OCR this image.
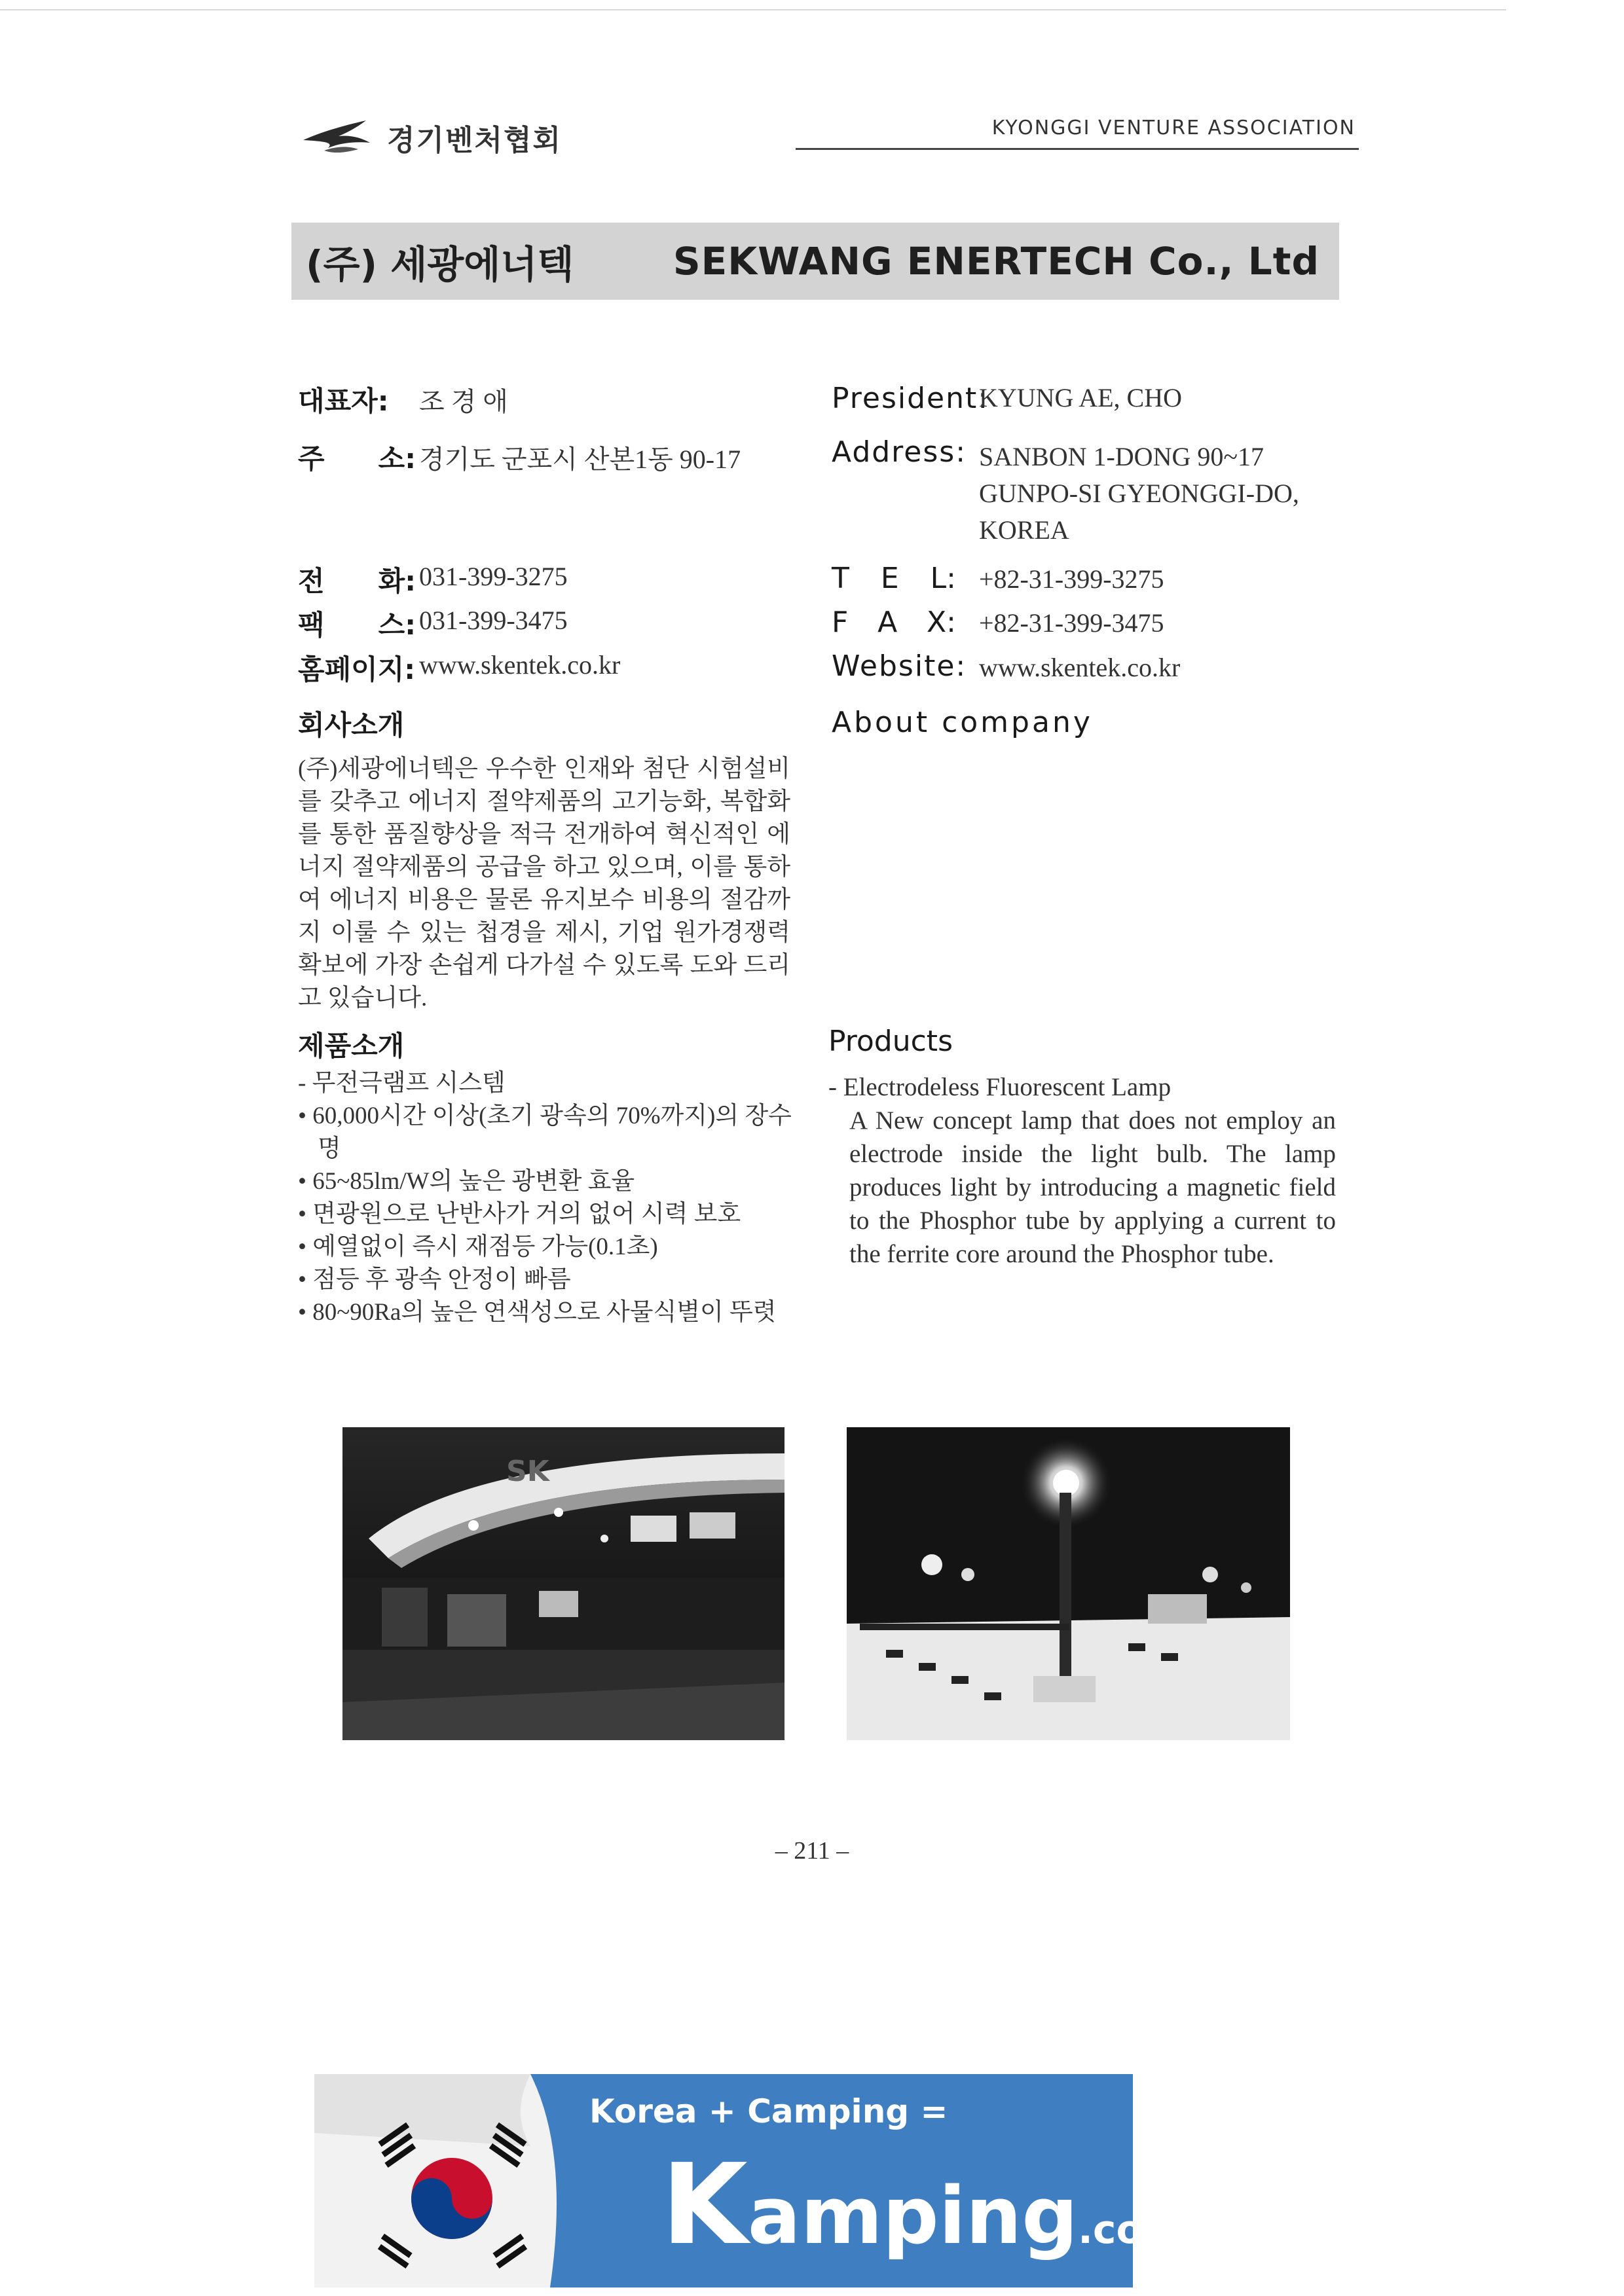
경기벤처협회	KYONGGI VENTURE ASSOCIATION
(주) 세광에너텍	SEKWANG ENERTECH Co., Ltd
대표자:	조 경 애
주　소: 경기도 군포시 산본1동 90-17
전　화: 031-399-3275
팩　스: 031-399-3475
홈페이지: www.skentek.co.kr
President:
KYUNG AE, CHO
Address: SANBON 1-DONG 90~17
GUNPO-SI GYEONGGI-DO,
KOREA
T E L: +82-31-399-3275
F A X: +82-31-399-3475
Website: www.skentek.co.kr
회사소개	About company
(주)세광에너텍은 우수한 인재와 첨단 시험설비를 갖추고 에너지 절약제품의 고기능화, 복합화를 통한 품질향상을 적극 전개하여 혁신적인 에너지 절약제품의 공급을 하고 있으며, 이를 통하여 에너지 비용은 물론 유지보수 비용의 절감까지 이룰 수 있는 첩경을 제시, 기업 원가경쟁력 확보에 가장 손쉽게 다가설 수 있도록 도와 드리고 있습니다.
제품소개	Products
- 무전극램프 시스템
• 60,000시간 이상(초기 광속의 70%까지)의 장수명
• 65~85lm/W의 높은 광변환 효율
• 면광원으로 난반사가 거의 없어 시력 보호
• 예열없이 즉시 재점등 가능(0.1초)
• 점등 후 광속 안정이 빠름
• 80~90Ra의 높은 연색성으로 사물식별이 뚜렷
- Electrodeless Fluorescent Lamp
A New concept lamp that does not employ an electrode inside the light bulb. The lamp produces light by introducing a magnetic field to the Phosphor tube by applying a current to the ferrite core around the Phosphor tube.
SK
– 211 –
Korea + Camping =
Kamping.co.kr
